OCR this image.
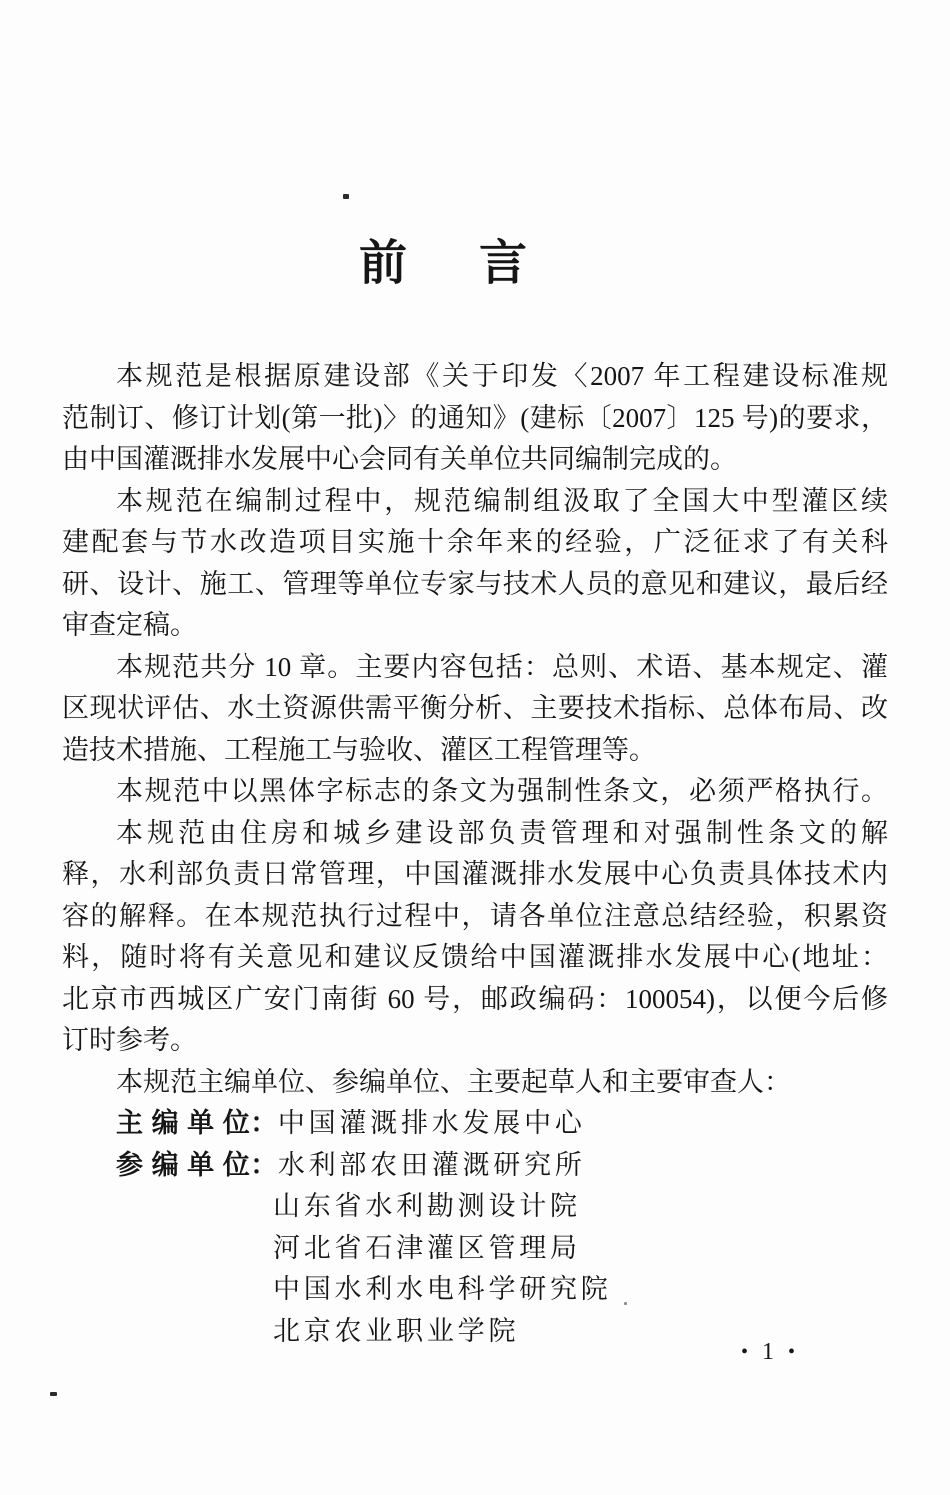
前言
本规范是根据原建设部《关于印发〈2007 年工程建设标准规
范制订、修订计划(第一批)〉的通知》(建标〔2007〕125 号)的要求，
由中国灌溉排水发展中心会同有关单位共同编制完成的。
本规范在编制过程中，规范编制组汲取了全国大中型灌区续
建配套与节水改造项目实施十余年来的经验，广泛征求了有关科
研、设计、施工、管理等单位专家与技术人员的意见和建议，最后经
审查定稿。
本规范共分 10 章。主要内容包括：总则、术语、基本规定、灌
区现状评估、水土资源供需平衡分析、主要技术指标、总体布局、改
造技术措施、工程施工与验收、灌区工程管理等。
本规范中以黑体字标志的条文为强制性条文，必须严格执行。
本规范由住房和城乡建设部负责管理和对强制性条文的解
释，水利部负责日常管理，中国灌溉排水发展中心负责具体技术内
容的解释。在本规范执行过程中，请各单位注意总结经验，积累资
料，随时将有关意见和建议反馈给中国灌溉排水发展中心(地址：
北京市西城区广安门南街 60 号，邮政编码：100054)，以便今后修
订时参考。
本规范主编单位、参编单位、主要起草人和主要审查人：
主 编 单 位：中国灌溉排水发展中心
参 编 单 位：水利部农田灌溉研究所
山东省水利勘测设计院
河北省石津灌区管理局
中国水利水电科学研究院
北京农业职业学院
• 1 •
